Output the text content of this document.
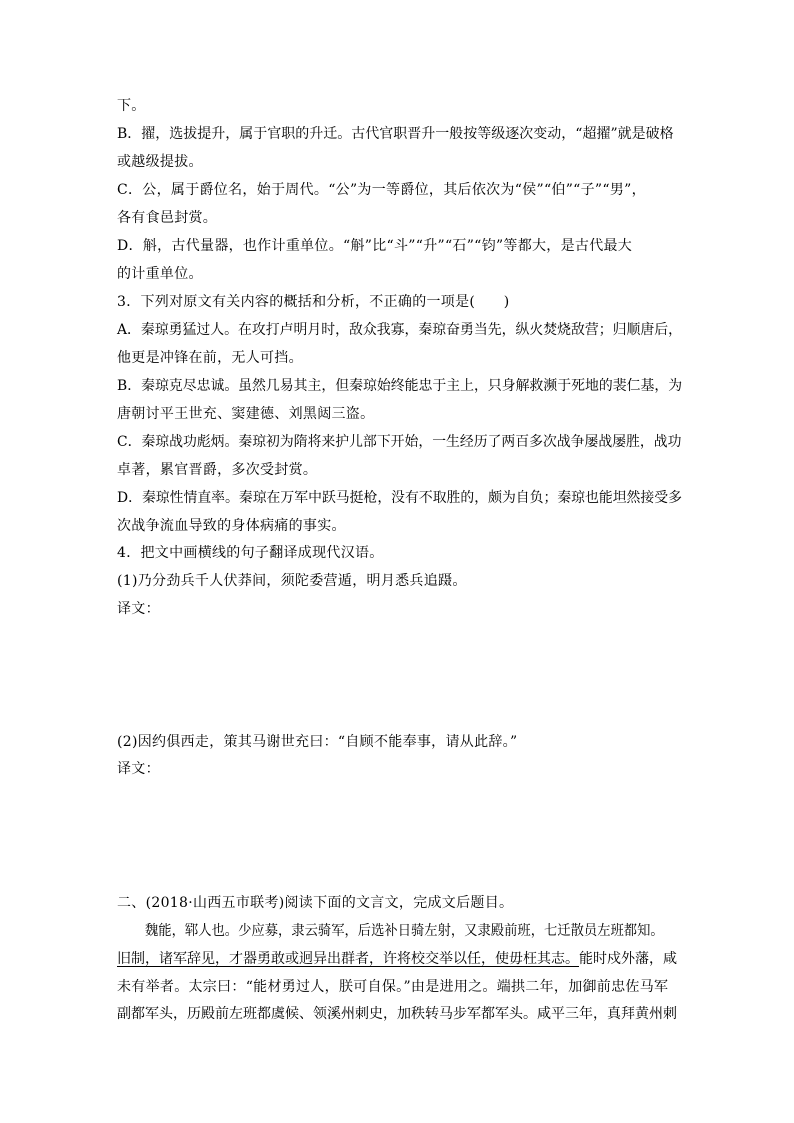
下。
B．擢，选拔提升，属于官职的升迁。古代官职晋升一般按等级逐次变动，“超擢”就是破格
或越级提拔。
C．公，属于爵位名，始于周代。“公”为一等爵位，其后依次为“侯”“伯”“子”“男”，
各有食邑封赏。
D．斛，古代量器，也作计重单位。“斛”比“斗”“升”“石”“钧”等都大，是古代最大
的计重单位。
3．下列对原文有关内容的概括和分析，不正确的一项是(　　)
A．秦琼勇猛过人。在攻打卢明月时，敌众我寡，秦琼奋勇当先，纵火焚烧敌营；归顺唐后，
他更是冲锋在前，无人可挡。
B．秦琼克尽忠诚。虽然几易其主，但秦琼始终能忠于主上，只身解救濒于死地的裴仁基，为
唐朝讨平王世充、窦建德、刘黑闼三盗。
C．秦琼战功彪炳。秦琼初为隋将来护儿部下开始，一生经历了两百多次战争屡战屡胜，战功
卓著，累官晋爵，多次受封赏。
D．秦琼性情直率。秦琼在万军中跃马挺枪，没有不取胜的，颇为自负；秦琼也能坦然接受多
次战争流血导致的身体病痛的事实。
4．把文中画横线的句子翻译成现代汉语。
(1)乃分劲兵千人伏莽间，须陀委营遁，明月悉兵追蹑。
译文：
(2)因约俱西走，策其马谢世充曰：“自顾不能奉事，请从此辞。”
译文：
二、(2018·山西五市联考)阅读下面的文言文，完成文后题目。
魏能，郓人也。少应募，隶云骑军，后选补日骑左射，又隶殿前班，七迁散员左班都知。
旧制，诸军辞见，才器勇敢或迥异出群者，许将校交举以任，使毋枉其志。能时戍外藩，咸
未有举者。太宗曰：“能材勇过人，朕可自保。”由是进用之。端拱二年，加御前忠佐马军
副都军头，历殿前左班都虞候、领溪州刺史，加秩转马步军都军头。咸平三年，真拜黄州刺
